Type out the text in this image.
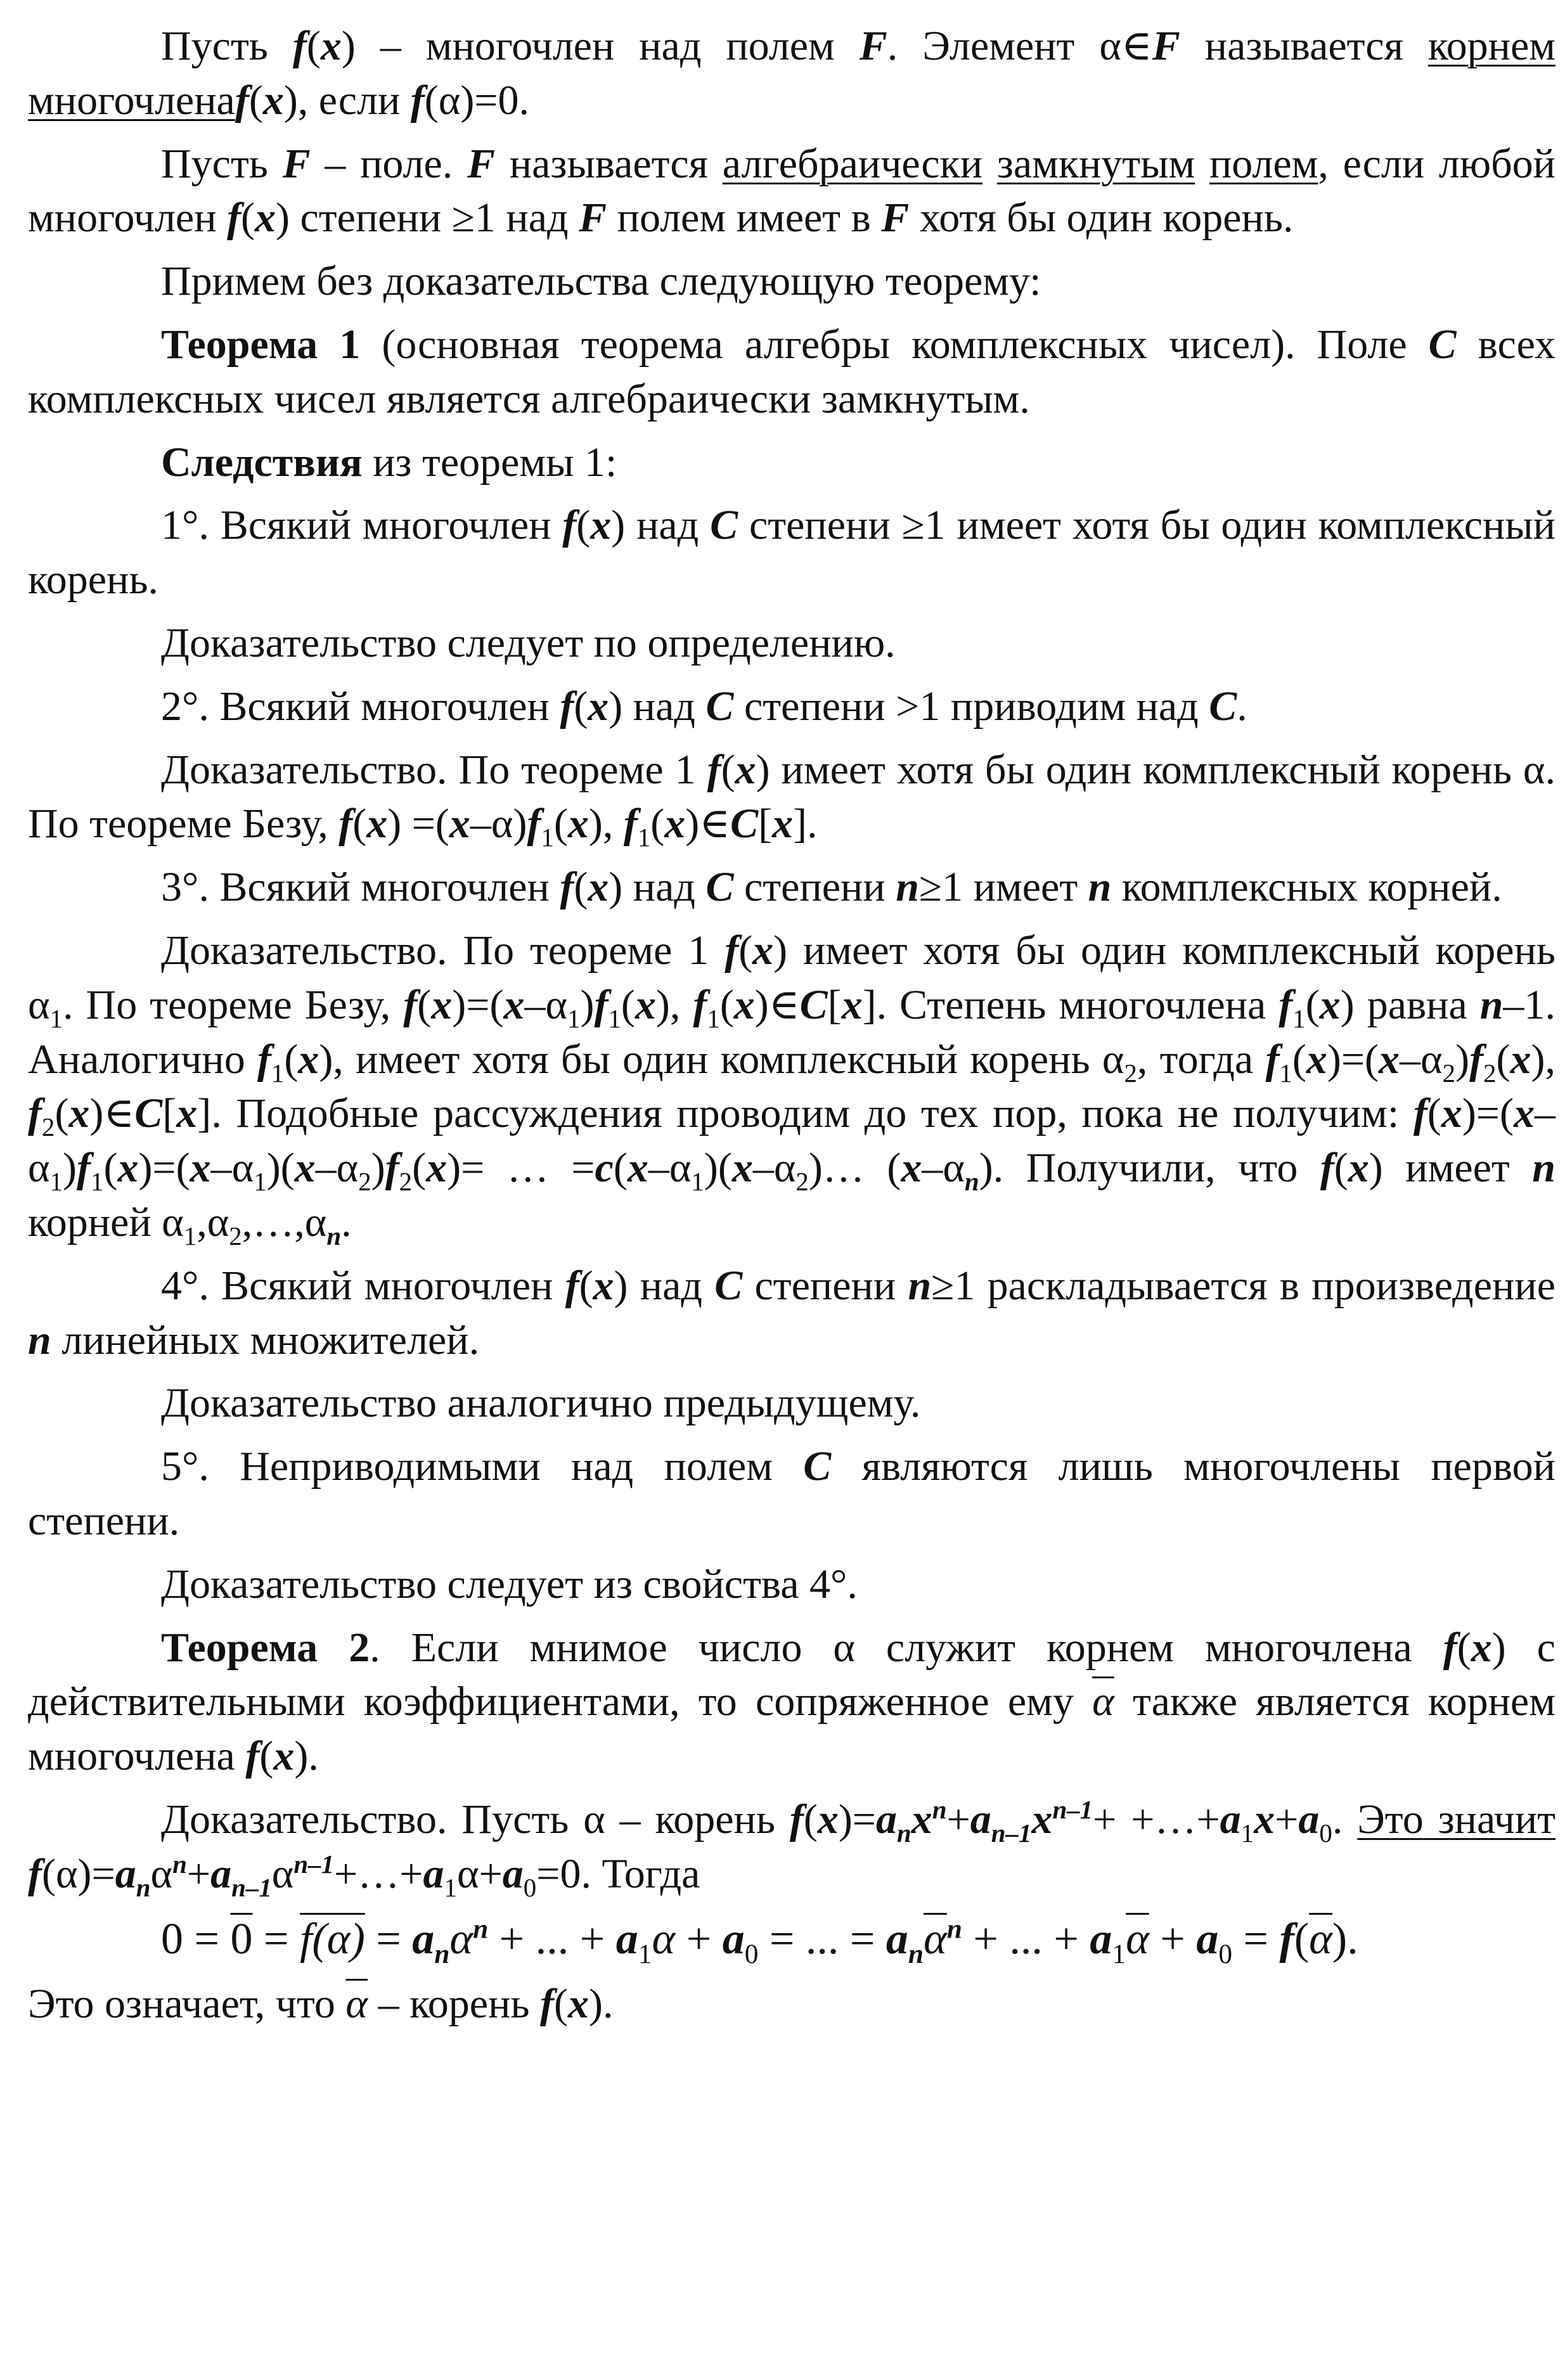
Пусть f(x) – многочлен над полем F. Элемент α∈F называется корнем многочленаf(x), если f(α)=0.

Пусть F – поле. F называется алгебраически замкнутым полем, если любой многочлен f(x) степени ≥1 над F полем имеет в F хотя бы один корень.

Примем без доказательства следующую теорему:

Теорема 1 (основная теорема алгебры комплексных чисел). Поле C всех комплексных чисел является алгебраически замкнутым.

Следствия из теоремы 1:

1°. Всякий многочлен f(x) над C степени ≥1 имеет хотя бы один комплексный корень.

Доказательство следует по определению.

2°. Всякий многочлен f(x) над C степени >1 приводим над C.

Доказательство. По теореме 1 f(x) имеет хотя бы один комплексный корень α. По теореме Безу, $f(x) =(x-\alpha)f_1(x)$, $f_1(x)\in C[x]$.

3°. Всякий многочлен f(x) над C степени n≥1 имеет n комплексных корней.

Доказательство. По теореме 1 f(x) имеет хотя бы один комплексный корень $\alpha_1$. По теореме Безу, $f(x)=(x-\alpha_1)f_1(x)$, $f_1(x)\in C[x]$. Степень многочлена $f_1(x)$ равна n–1. Аналогично $f_1(x)$, имеет хотя бы один комплексный корень $\alpha_2$, тогда $f_1(x)=(x-\alpha_2)f_2(x)$, $f_2(x)\in C[x]$. Подобные рассуждения проводим до тех пор, пока не получим: $f(x)=(x-\alpha_1)f_1(x)=(x-\alpha_1)(x-\alpha_2)f_2(x)=$ … $=c(x-\alpha_1)(x-\alpha_2)\dots$ $(x-\alpha_n)$. Получили, что f(x) имеет n корней $\alpha_1,\alpha_2,\dots,\alpha_n$.

4°. Всякий многочлен f(x) над C степени n≥1 раскладывается в произведение n линейных множителей.

Доказательство аналогично предыдущему.

5°. Неприводимыми над полем C являются лишь многочлены первой степени.

Доказательство следует из свойства 4°.

Теорема 2. Если мнимое число α служит корнем многочлена f(x) с действительными коэффициентами, то сопряженное ему $\overline{\alpha}$ также является корнем многочлена f(x).

Доказательство. Пусть α – корень $f(x)=a_nx^n+a_{n-1}x^{n-1}+$ $+\dots+a_1x+a_0$. Это значит $f(\alpha)=a_n\alpha^n+a_{n-1}\alpha^{n-1}+\dots+a_1\alpha+a_0=0$. Тогда

$0 = 0 = f(\alpha) = a_n\alpha^n$ + ... + $a_1\alpha + a_0$ = ... = $a_n\overline{\alpha}^n$ + ... + $a_1\overline{\alpha} + a_0 = f(\overline{\alpha})$.

Это означает, что $\overline{\alpha}$ – корень f(x).
